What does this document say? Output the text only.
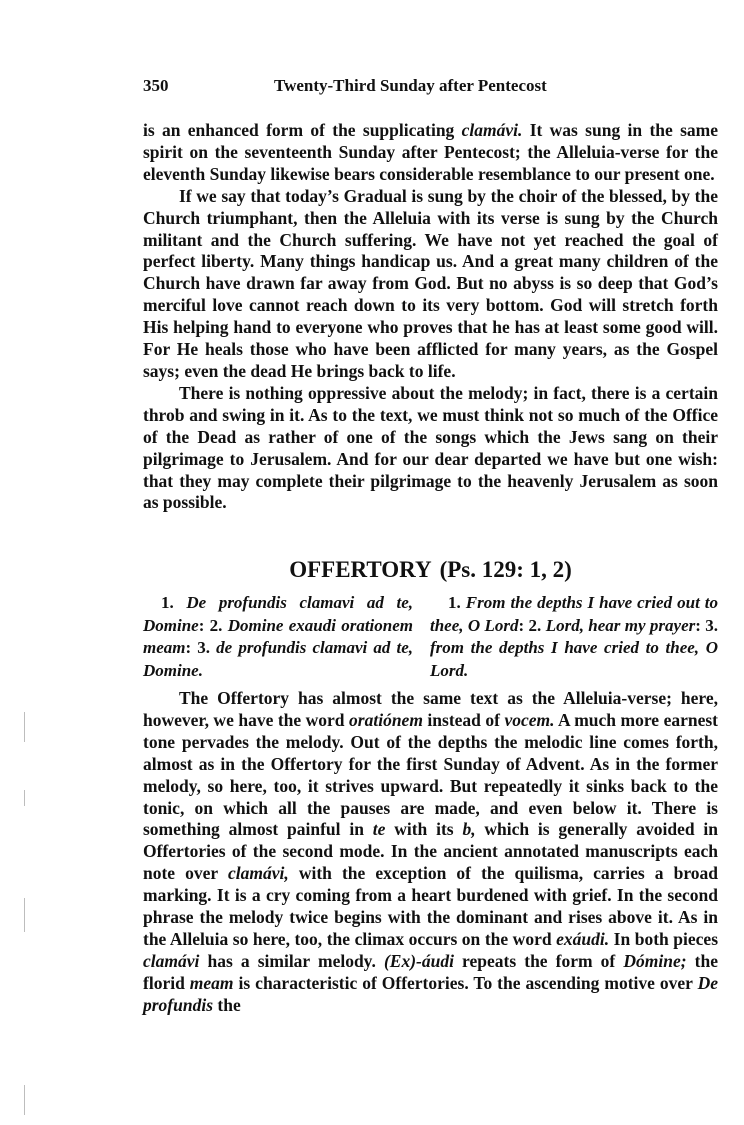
350	Twenty-Third Sunday after Pentecost

is an enhanced form of the supplicating clamávi. It was sung in the same spirit on the seventeenth Sunday after Pentecost; the Alleluia-verse for the eleventh Sunday likewise bears considerable resemblance to our present one.

If we say that today’s Gradual is sung by the choir of the blessed, by the Church triumphant, then the Alleluia with its verse is sung by the Church militant and the Church suffering. We have not yet reached the goal of perfect liberty. Many things handicap us. And a great many children of the Church have drawn far away from God. But no abyss is so deep that God’s merciful love cannot reach down to its very bottom. God will stretch forth His helping hand to everyone who proves that he has at least some good will. For He heals those who have been afflicted for many years, as the Gospel says; even the dead He brings back to life.

There is nothing oppressive about the melody; in fact, there is a certain throb and swing in it. As to the text, we must think not so much of the Office of the Dead as rather of one of the songs which the Jews sang on their pilgrimage to Jerusalem. And for our dear departed we have but one wish: that they may complete their pilgrimage to the heavenly Jerusalem as soon as possible.

OFFERTORY (Ps. 129: 1, 2)

1. De profundis clamavi ad te, Domine: 2. Domine exaudi orationem meam: 3. de profundis clamavi ad te, Domine.

1. From the depths I have cried out to thee, O Lord: 2. Lord, hear my prayer: 3. from the depths I have cried to thee, O Lord.

The Offertory has almost the same text as the Alleluia-verse; here, however, we have the word oratiónem instead of vocem. A much more earnest tone pervades the melody. Out of the depths the melodic line comes forth, almost as in the Offertory for the first Sunday of Advent. As in the former melody, so here, too, it strives upward. But repeatedly it sinks back to the tonic, on which all the pauses are made, and even below it. There is something almost painful in te with its b, which is generally avoided in Offertories of the second mode. In the ancient annotated manuscripts each note over clamávi, with the exception of the quilisma, carries a broad marking. It is a cry coming from a heart burdened with grief. In the second phrase the melody twice begins with the dominant and rises above it. As in the Alleluia so here, too, the climax occurs on the word exáudi. In both pieces clamávi has a similar melody. (Ex)-áudi repeats the form of Dómine; the florid meam is characteristic of Offertories. To the ascending motive over De profundis the
